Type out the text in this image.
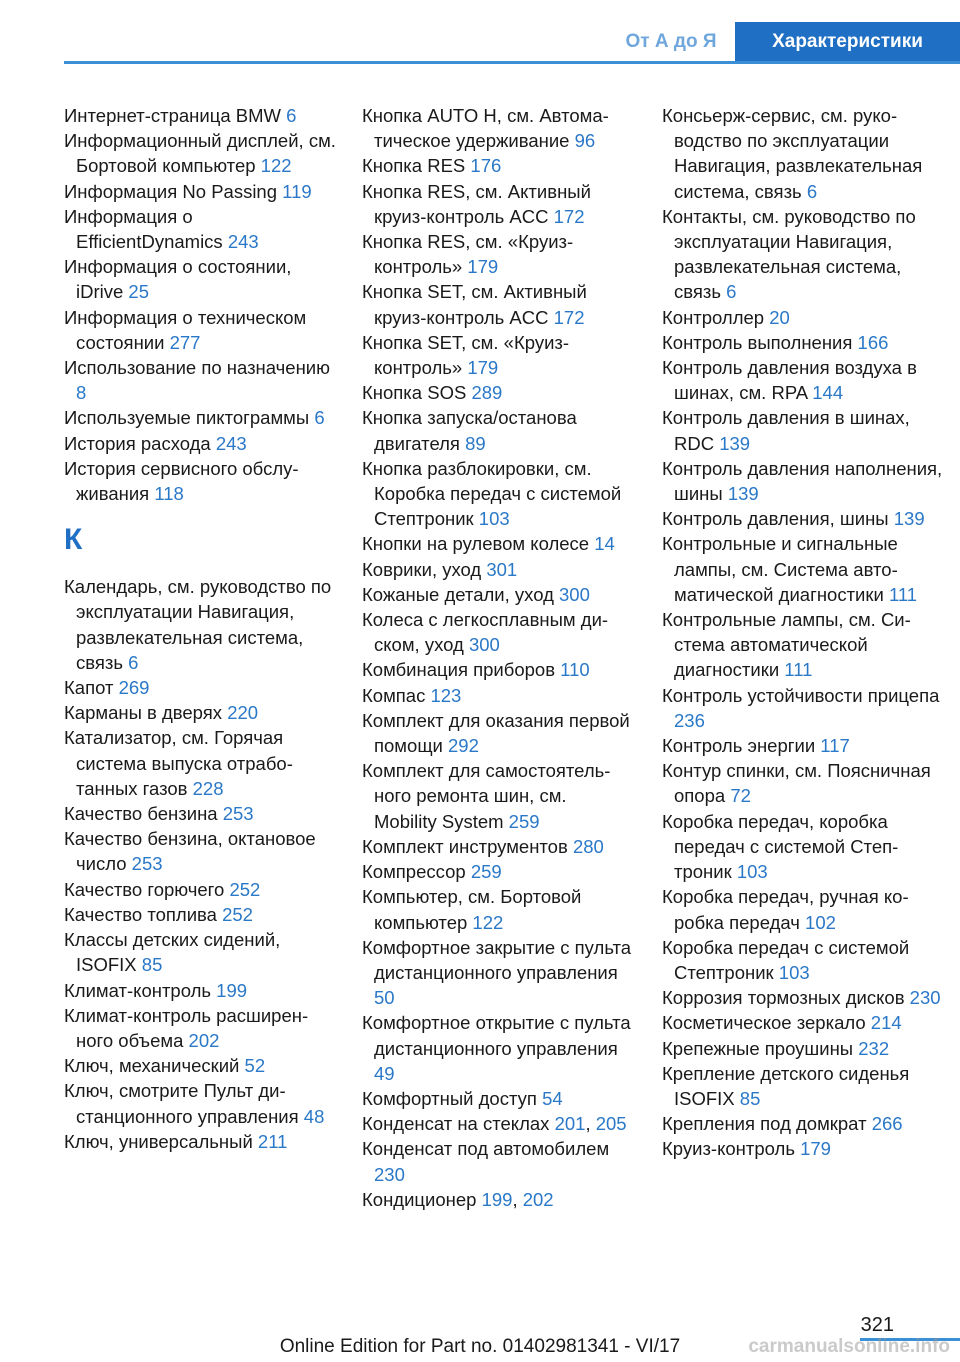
От А до Я	Характеристики
Интернет-страница BMW 6
Информационный дисплей, см. Бортовой компьютер 122
Информация No Passing 119
Информация о EfficientDynamics 243
Информация о состоянии, iDrive 25
Информация о техническом состоянии 277
Использование по назначению 8
Используемые пиктограммы 6
История расхода 243
История сервисного обслуживания 118
К
Календарь, см. руководство по эксплуатации Навигация, развлекательная система, связь 6
Капот 269
Карманы в дверях 220
Катализатор, см. Горячая система выпуска отработанных газов 228
Качество бензина 253
Качество бензина, октановое число 253
Качество горючего 252
Качество топлива 252
Классы детских сидений, ISOFIX 85
Климат-контроль 199
Климат-контроль расширенного объема 202
Ключ, механический 52
Ключ, смотрите Пульт дистанционного управления 48
Ключ, универсальный 211
Кнопка AUTO H, см. Автоматическое удерживание 96
Кнопка RES 176
Кнопка RES, см. Активный круиз-контроль ACC 172
Кнопка RES, см. «Круиз-контроль» 179
Кнопка SET, см. Активный круиз-контроль ACC 172
Кнопка SET, см. «Круиз-контроль» 179
Кнопка SOS 289
Кнопка запуска/останова двигателя 89
Кнопка разблокировки, см. Коробка передач с системой Стептроник 103
Кнопки на рулевом колесе 14
Коврики, уход 301
Кожаные детали, уход 300
Колеса с легкосплавным диском, уход 300
Комбинация приборов 110
Компас 123
Комплект для оказания первой помощи 292
Комплект для самостоятельного ремонта шин, см. Mobility System 259
Комплект инструментов 280
Компрессор 259
Компьютер, см. Бортовой компьютер 122
Комфортное закрытие с пульта дистанционного управления 50
Комфортное открытие с пульта дистанционного управления 49
Комфортный доступ 54
Конденсат на стеклах 201, 205
Конденсат под автомобилем 230
Кондиционер 199, 202
Консьерж-сервис, см. руководство по эксплуатации Навигация, развлекательная система, связь 6
Контакты, см. руководство по эксплуатации Навигация, развлекательная система, связь 6
Контроллер 20
Контроль выполнения 166
Контроль давления воздуха в шинах, см. RPA 144
Контроль давления в шинах, RDC 139
Контроль давления наполнения, шины 139
Контроль давления, шины 139
Контрольные и сигнальные лампы, см. Система автоматической диагностики 111
Контрольные лампы, см. Система автоматической диагностики 111
Контроль устойчивости прицепа 236
Контроль энергии 117
Контур спинки, см. Поясничная опора 72
Коробка передач, коробка передач с системой Стептроник 103
Коробка передач, ручная коробка передач 102
Коробка передач с системой Стептроник 103
Коррозия тормозных дисков 230
Косметическое зеркало 214
Крепежные проушины 232
Крепление детского сиденья ISOFIX 85
Крепления под домкрат 266
Круиз-контроль 179
321
Online Edition for Part no. 01402981341 - VI/17	carmanualsonline.info
